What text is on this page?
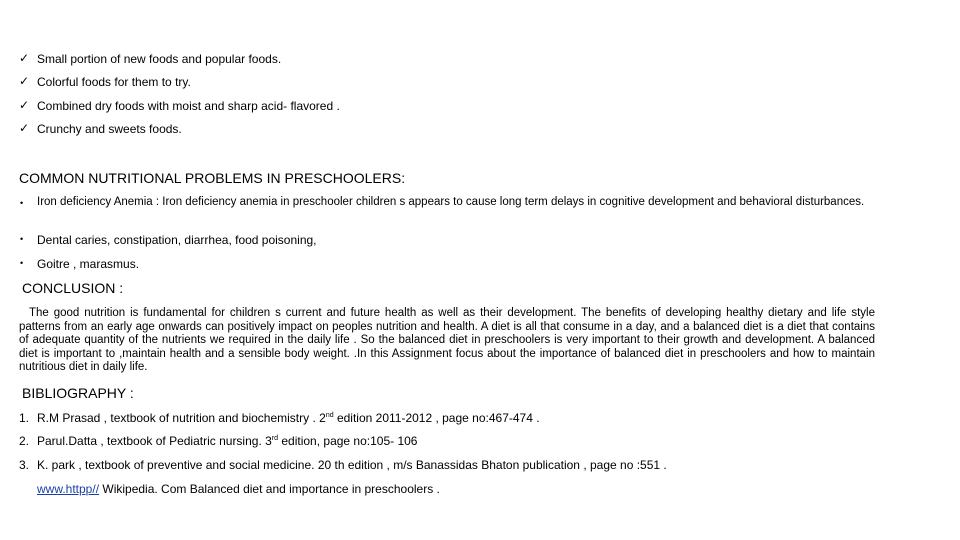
✓ Small portion of new foods and popular foods.
✓ Colorful foods for them to try.
✓ Combined dry foods with moist and sharp acid- flavored .
✓ Crunchy and sweets foods.
COMMON NUTRITIONAL PROBLEMS IN PRESCHOOLERS:
• Iron deficiency Anemia : Iron deficiency anemia in preschooler children s appears to cause long term delays in cognitive development and behavioral disturbances.
• Dental caries, constipation, diarrhea, food poisoning,
• Goitre , marasmus.
CONCLUSION :
The good nutrition is fundamental for children s current and future health as well as their development. The benefits of developing healthy dietary and life style patterns from an early age onwards can positively impact on peoples nutrition and health. A diet is all that consume in a day, and a balanced diet is a diet that contains of adequate quantity of the nutrients we required in the daily life . So the balanced diet in preschoolers is very important to their growth and development. A balanced diet is important to ,maintain health and a sensible body weight. .In this Assignment focus about the importance of balanced diet in preschoolers and how to maintain nutritious diet in daily life.
BIBLIOGRAPHY :
1. R.M Prasad , textbook of nutrition and biochemistry . 2nd edition 2011-2012 , page no:467-474 .
2. Parul.Datta , textbook of Pediatric nursing. 3rd edition, page no:105- 106
3. K. park , textbook of preventive and social medicine. 20 th edition , m/s Banassidas Bhaton publication , page no :551 .
www.httpp// Wikipedia. Com Balanced diet and importance in preschoolers .
